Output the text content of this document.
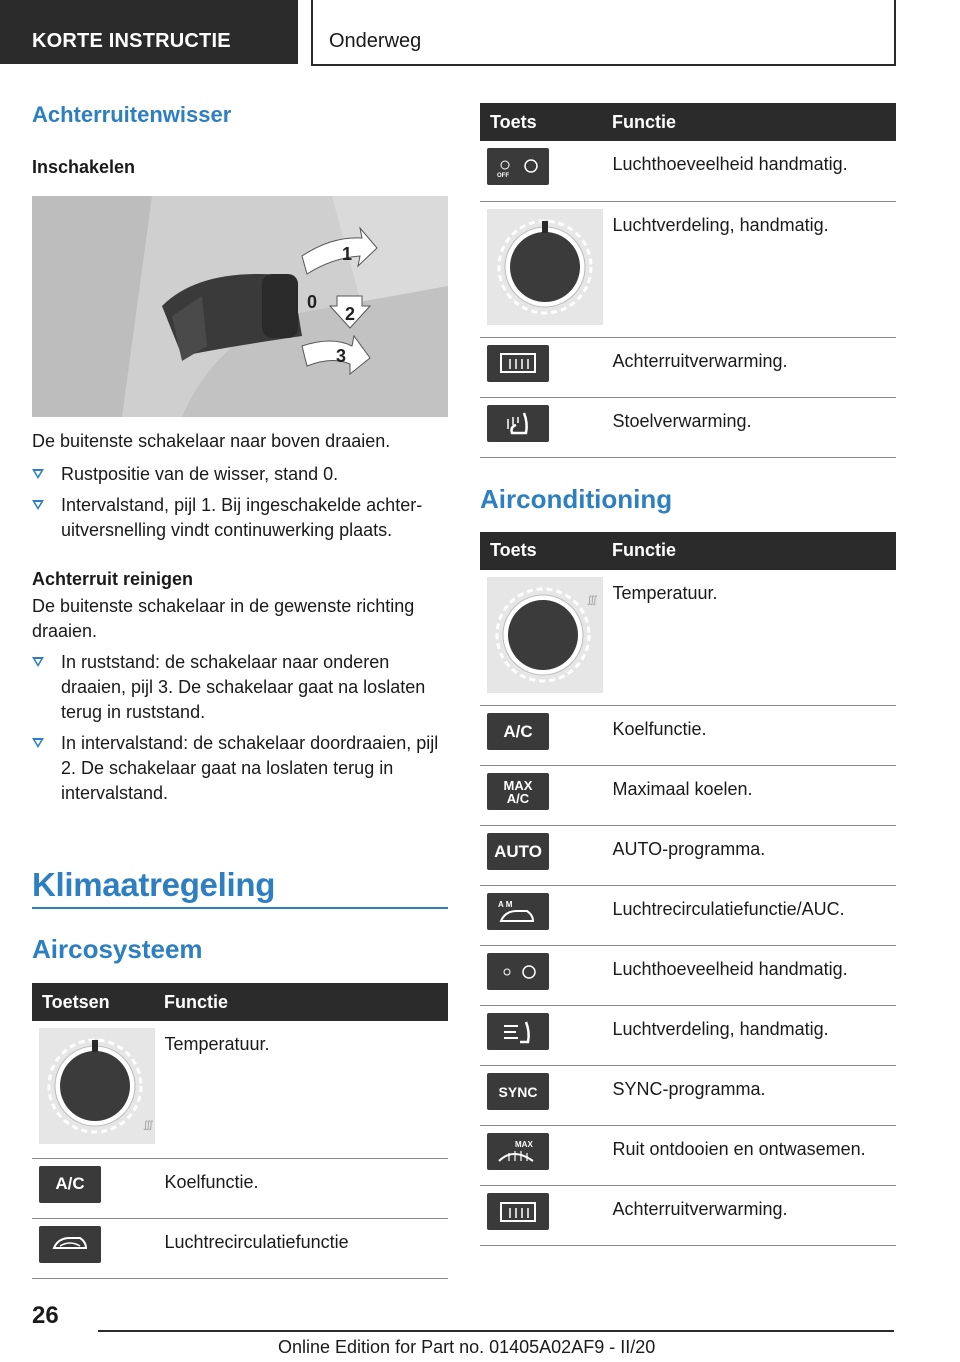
KORTE INSTRUCTIE	Onderweg
Achterruitenwisser
Inschakelen
1
0
2
3

De buitenste schakelaar naar boven draaien.

Rustpositie van de wisser, stand 0.
Intervalstand, pijl 1. Bij ingeschakelde achter-uitversnelling vindt continuwerking plaats.
Achterruit reinigen

De buitenste schakelaar in de gewenste richting draaien.

In ruststand: de schakelaar naar onderen draaien, pijl 3. De schakelaar gaat na loslaten terug in ruststand.
In intervalstand: de schakelaar doordraaien, pijl 2. De schakelaar gaat na loslaten terug in intervalstand.
Klimaatregeling
Aircosysteem
Toetsen	Functie

∭	Temperatuur.

A/C	Koelfunctie.

	Luchtrecirculatiefunctie
Toets	Functie

OFF	Luchthoeveelheid handmatig.

	Luchtverdeling, handmatig.

	Achterruitverwarming.

	Stoelverwarming.
Airconditioning
Toets	Functie

∭	Temperatuur.

A/C	Koelfunctie.

MAX A/C	Maximaal koelen.

AUTO	AUTO-programma.

A M	Luchtrecirculatiefunctie/AUC.

	Luchthoeveelheid handmatig.

	Luchtverdeling, handmatig.

SYNC	SYNC-programma.

MAX	Ruit ontdooien en ontwasemen.

	Achterruitverwarming.
26
Online Edition for Part no. 01405A02AF9 - II/20
